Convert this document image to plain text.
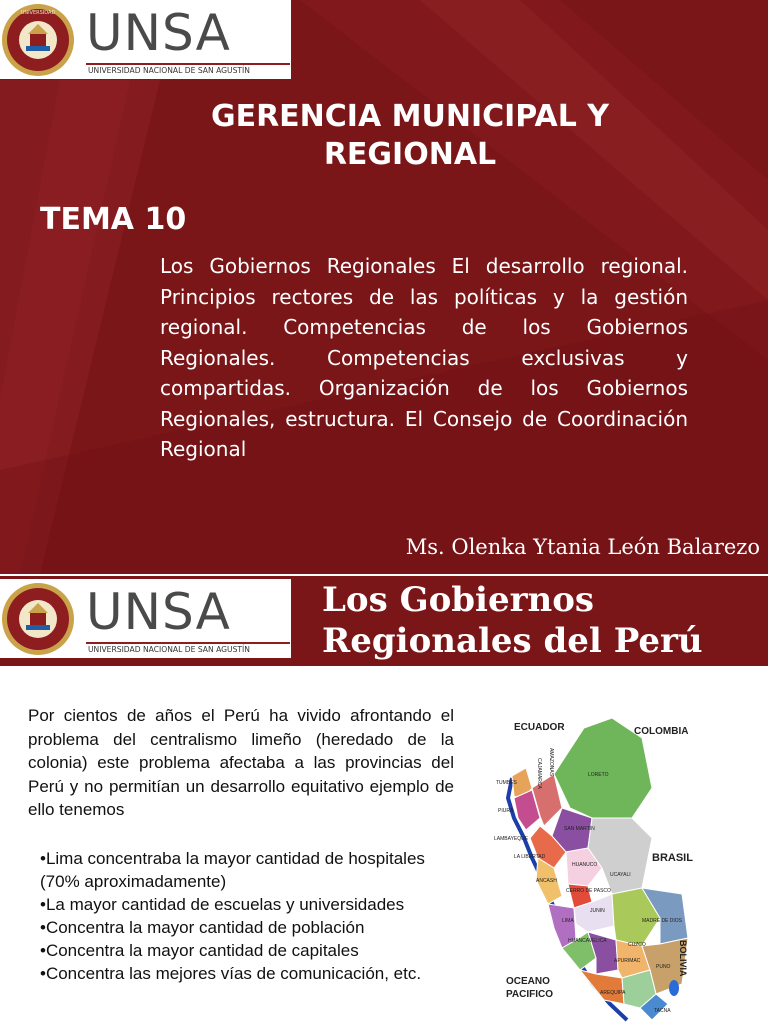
UNIVERSIDAD UNSA
UNIVERSIDAD NACIONAL DE SAN AGUSTÍN
GERENCIA MUNICIPAL Y REGIONAL
TEMA 10
Los Gobiernos Regionales El desarrollo regional. Principios rectores de las políticas y la gestión regional. Competencias de los Gobiernos Regionales. Competencias exclusivas y compartidas. Organización de los Gobiernos Regionales, estructura. El Consejo de Coordinación Regional
Ms. Olenka Ytania León Balarezo
UNSA
UNIVERSIDAD NACIONAL DE SAN AGUSTÍN
Los Gobiernos Regionales del Perú
Por cientos de años el Perú ha vivido afrontando el problema del centralismo limeño (heredado de la colonia) este problema afectaba a las provincias del Perú y no permitían un desarrollo equitativo ejemplo de ello tenemos
•Lima concentraba la mayor cantidad de hospitales (70% aproximadamente)
•La mayor cantidad de escuelas y universidades
•Concentra la mayor cantidad de población
•Concentra la mayor cantidad de capitales
•Concentra las mejores vías de comunicación, etc.
ECUADOR	COLOMBIA
BRASIL
BOLIVIA
OCEANO
PACIFICO
TUMBES
PIURA
LAMBAYEQUE
AMAZONAS
CAJAMARCA	LORETO
SAN MARTIN
LA LIBERTAD
ANCASH
HUANUCO
UCAYALI
CERRO DE PASCO
LIMA
JUNIN
HUANCAVELICA
MADRE DE DIOS
APURIMAC
CUZCO
PUNO
AREQUIPA
TACNA
